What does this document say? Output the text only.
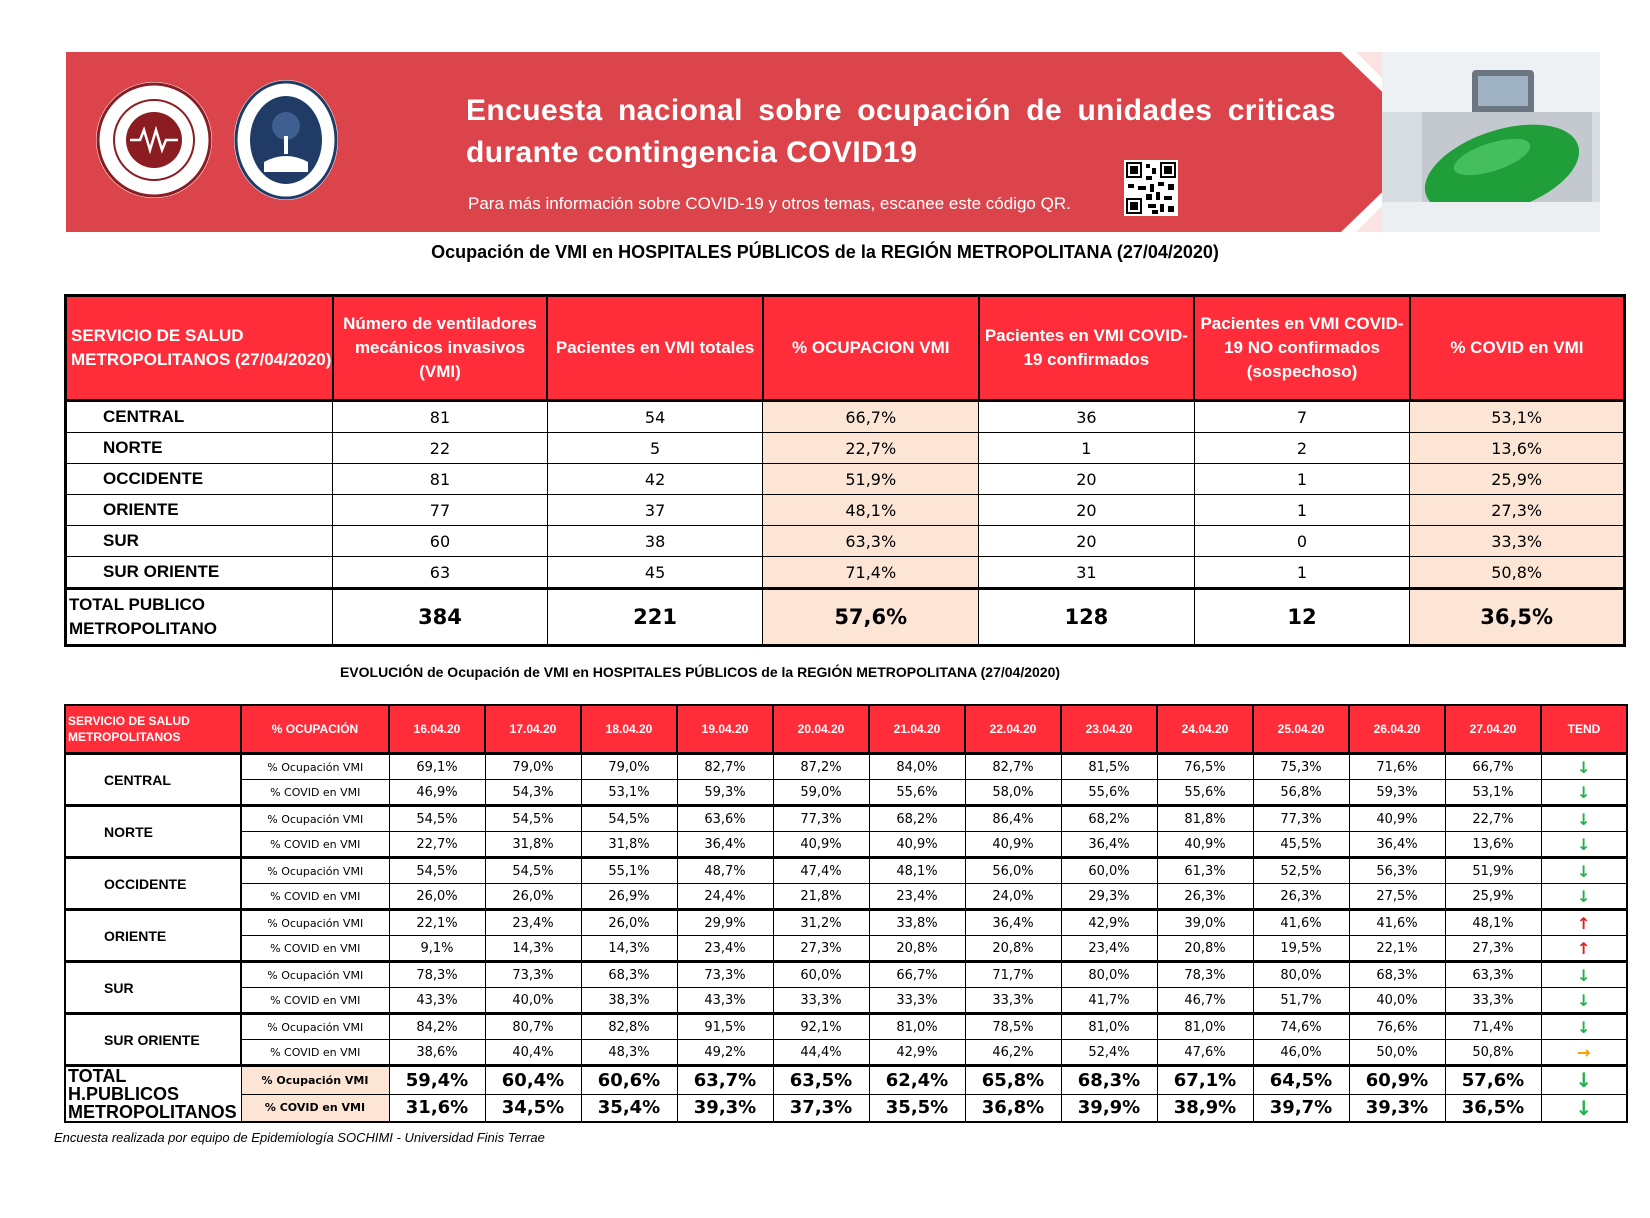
Encuesta nacional sobre ocupación de unidades criticas durante contingencia COVID19
Para más información sobre COVID-19 y otros temas, escanee este código QR.
Ocupación de VMI en HOSPITALES PÚBLICOS de la REGIÓN METROPOLITANA (27/04/2020)
SERVICIO DE SALUD METROPOLITANOS (27/04/2020)	Número de ventiladores mecánicos invasivos (VMI)	Pacientes en VMI totales	% OCUPACION VMI	Pacientes en VMI COVID-19 confirmados	Pacientes en VMI COVID-19 NO confirmados (sospechoso)	% COVID en VMI
CENTRAL	81	54	66,7%	36	7	53,1%
NORTE	22	5	22,7%	1	2	13,6%
OCCIDENTE	81	42	51,9%	20	1	25,9%
ORIENTE	77	37	48,1%	20	1	27,3%
SUR	60	38	63,3%	20	0	33,3%
SUR ORIENTE	63	45	71,4%	31	1	50,8%
TOTAL PUBLICO METROPOLITANO	384	221	57,6%	128	12	36,5%
EVOLUCIÓN de Ocupación de VMI en HOSPITALES PÚBLICOS de la REGIÓN METROPOLITANA (27/04/2020)
SERVICIO DE SALUD METROPOLITANOS	% OCUPACIÓN	16.04.20	17.04.20	18.04.20	19.04.20	20.04.20	21.04.20	22.04.20	23.04.20	24.04.20	25.04.20	26.04.20	27.04.20	TEND
CENTRAL	% Ocupación VMI	69,1%	79,0%	79,0%	82,7%	87,2%	84,0%	82,7%	81,5%	76,5%	75,3%	71,6%	66,7%	↓
	% COVID en VMI	46,9%	54,3%	53,1%	59,3%	59,0%	55,6%	58,0%	55,6%	55,6%	56,8%	59,3%	53,1%	↓
NORTE	% Ocupación VMI	54,5%	54,5%	54,5%	63,6%	77,3%	68,2%	86,4%	68,2%	81,8%	77,3%	40,9%	22,7%	↓
	% COVID en VMI	22,7%	31,8%	31,8%	36,4%	40,9%	40,9%	40,9%	36,4%	40,9%	45,5%	36,4%	13,6%	↓
OCCIDENTE	% Ocupación VMI	54,5%	54,5%	55,1%	48,7%	47,4%	48,1%	56,0%	60,0%	61,3%	52,5%	56,3%	51,9%	↓
	% COVID en VMI	26,0%	26,0%	26,9%	24,4%	21,8%	23,4%	24,0%	29,3%	26,3%	26,3%	27,5%	25,9%	↓
ORIENTE	% Ocupación VMI	22,1%	23,4%	26,0%	29,9%	31,2%	33,8%	36,4%	42,9%	39,0%	41,6%	41,6%	48,1%	↑
	% COVID en VMI	9,1%	14,3%	14,3%	23,4%	27,3%	20,8%	20,8%	23,4%	20,8%	19,5%	22,1%	27,3%	↑
SUR	% Ocupación VMI	78,3%	73,3%	68,3%	73,3%	60,0%	66,7%	71,7%	80,0%	78,3%	80,0%	68,3%	63,3%	↓
	% COVID en VMI	43,3%	40,0%	38,3%	43,3%	33,3%	33,3%	33,3%	41,7%	46,7%	51,7%	40,0%	33,3%	↓
SUR ORIENTE	% Ocupación VMI	84,2%	80,7%	82,8%	91,5%	92,1%	81,0%	78,5%	81,0%	81,0%	74,6%	76,6%	71,4%	↓
	% COVID en VMI	38,6%	40,4%	48,3%	49,2%	44,4%	42,9%	46,2%	52,4%	47,6%	46,0%	50,0%	50,8%	→
TOTAL H.PUBLICOS METROPOLITANOS	% Ocupación VMI	59,4%	60,4%	60,6%	63,7%	63,5%	62,4%	65,8%	68,3%	67,1%	64,5%	60,9%	57,6%	↓
	% COVID en VMI	31,6%	34,5%	35,4%	39,3%	37,3%	35,5%	36,8%	39,9%	38,9%	39,7%	39,3%	36,5%	↓
Encuesta realizada por equipo de Epidemiología SOCHIMI - Universidad Finis Terrae
